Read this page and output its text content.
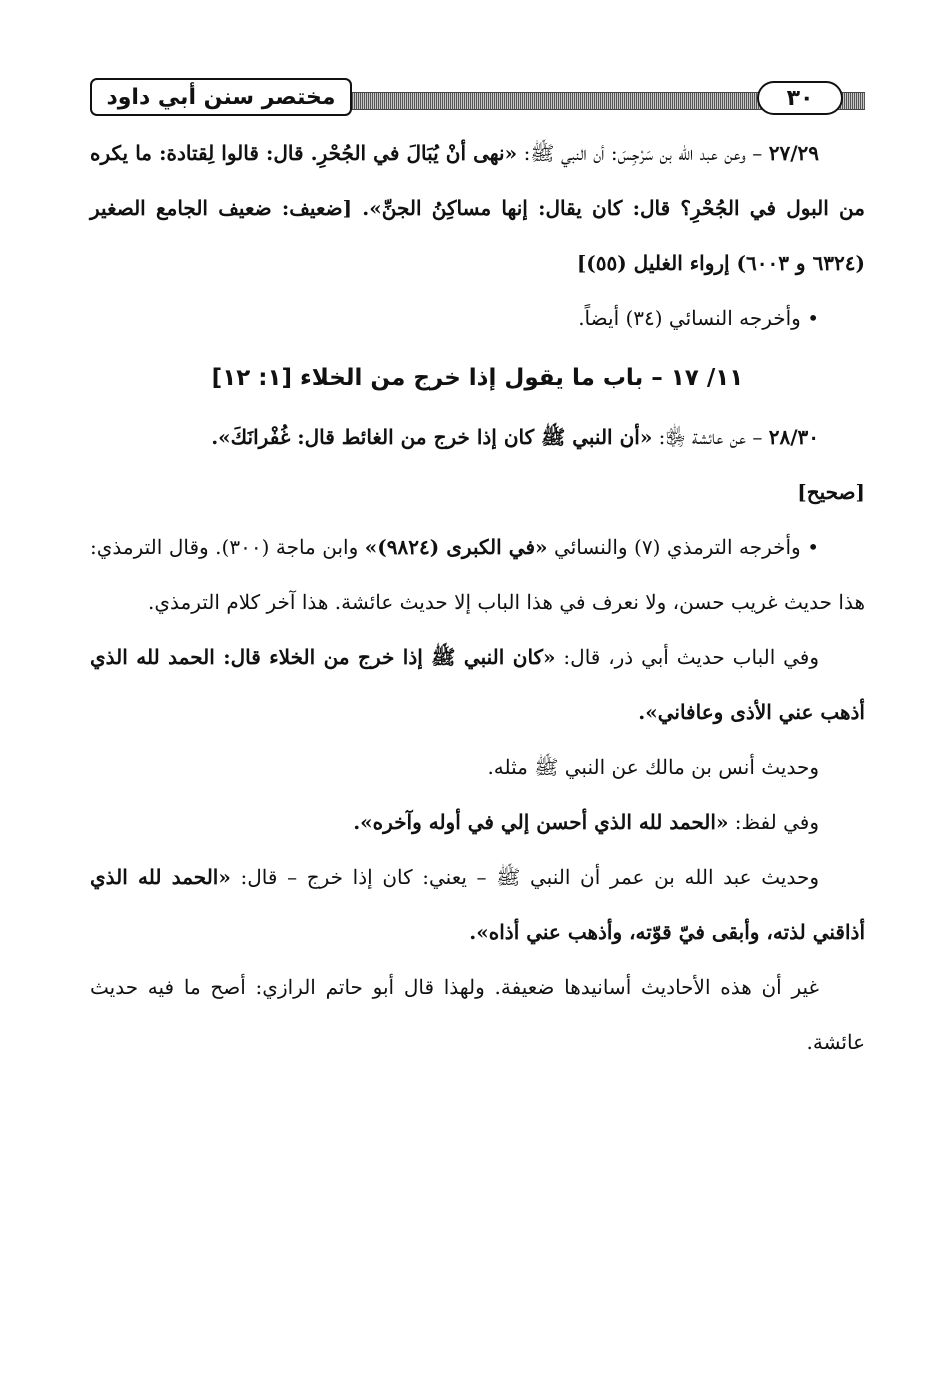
٣٠
مختصر سنن أبي داود

٢٧/٢٩ – وعن عبد الله بن سَرْجِسَ: أن النبي ﷺ: «نهى أنْ يُبَالَ في الجُحْرِ. قال: قالوا لِقتادة: ما يكره من البول في الجُحْرِ؟ قال: كان يقال: إنها مساكِنُ الجنِّ». [ضعيف: ضعيف الجامع الصغير (٦٣٢٤ و ٦٠٠٣) إرواء الغليل (٥٥)]

• وأخرجه النسائي (٣٤) أيضاً.

١١/ ١٧ – باب ما يقول إذا خرج من الخلاء [١: ١٢]

٢٨/٣٠ – عن عائشة ﵂: «أن النبي ﷺ كان إذا خرج من الغائط قال: غُفْرانَكَ».

[صحيح]

• وأخرجه الترمذي (٧) والنسائي «في الكبرى (٩٨٢٤)» وابن ماجة (٣٠٠). وقال الترمذي: هذا حديث غريب حسن، ولا نعرف في هذا الباب إلا حديث عائشة. هذا آخر كلام الترمذي.

وفي الباب حديث أبي ذر، قال: «كان النبي ﷺ إذا خرج من الخلاء قال: الحمد لله الذي أذهب عني الأذى وعافاني».

وحديث أنس بن مالك عن النبي ﷺ مثله.

وفي لفظ: «الحمد لله الذي أحسن إلي في أوله وآخره».

وحديث عبد الله بن عمر أن النبي ﷺ – يعني: كان إذا خرج – قال: «الحمد لله الذي أذاقني لذته، وأبقى فيّ قوّته، وأذهب عني أذاه».

غير أن هذه الأحاديث أسانيدها ضعيفة. ولهذا قال أبو حاتم الرازي: أصح ما فيه حديث عائشة.
